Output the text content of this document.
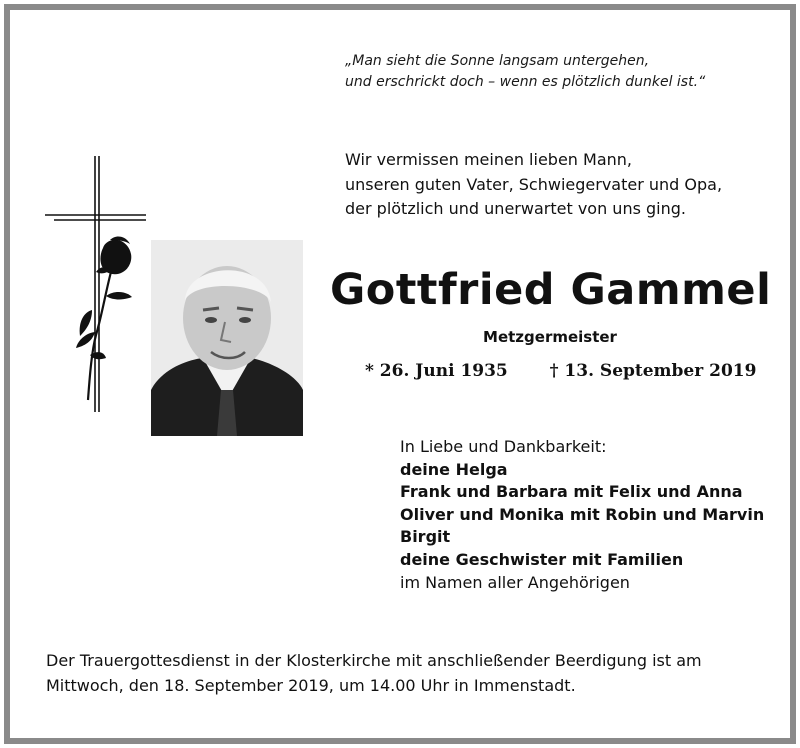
„Man sieht die Sonne langsam untergehen,
und erschrickt doch – wenn es plötzlich dunkel ist.“
Wir vermissen meinen lieben Mann,
unseren guten Vater, Schwiegervater und Opa,
der plötzlich und unerwartet von uns ging.
Gottfried Gammel
Metzgermeister
* 26. Juni 1935 † 13. September 2019
In Liebe und Dankbarkeit:
deine Helga
Frank und Barbara mit Felix und Anna
Oliver und Monika mit Robin und Marvin
Birgit
deine Geschwister mit Familien
im Namen aller Angehörigen
Der Trauergottesdienst in der Klosterkirche mit anschließender Beerdigung ist am
Mittwoch, den 18. September 2019, um 14.00 Uhr in Immenstadt.
